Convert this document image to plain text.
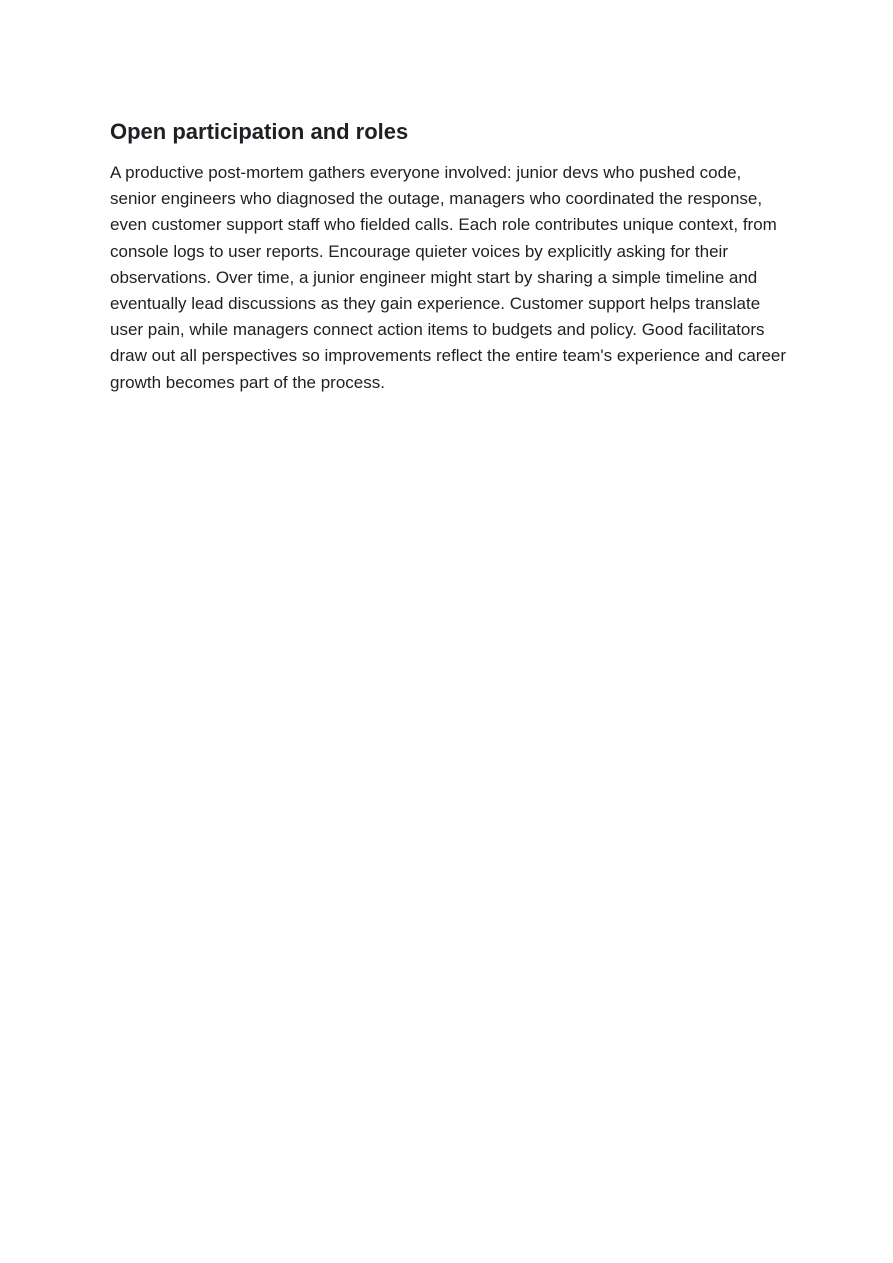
Open participation and roles

A productive post-mortem gathers everyone involved: junior devs who pushed code, senior engineers who diagnosed the outage, managers who coordinated the response, even customer support staff who fielded calls. Each role contributes unique context, from console logs to user reports. Encourage quieter voices by explicitly asking for their observations. Over time, a junior engineer might start by sharing a simple timeline and eventually lead discussions as they gain experience. Customer support helps translate user pain, while managers connect action items to budgets and policy. Good facilitators draw out all perspectives so improvements reflect the entire team's experience and career growth becomes part of the process.
